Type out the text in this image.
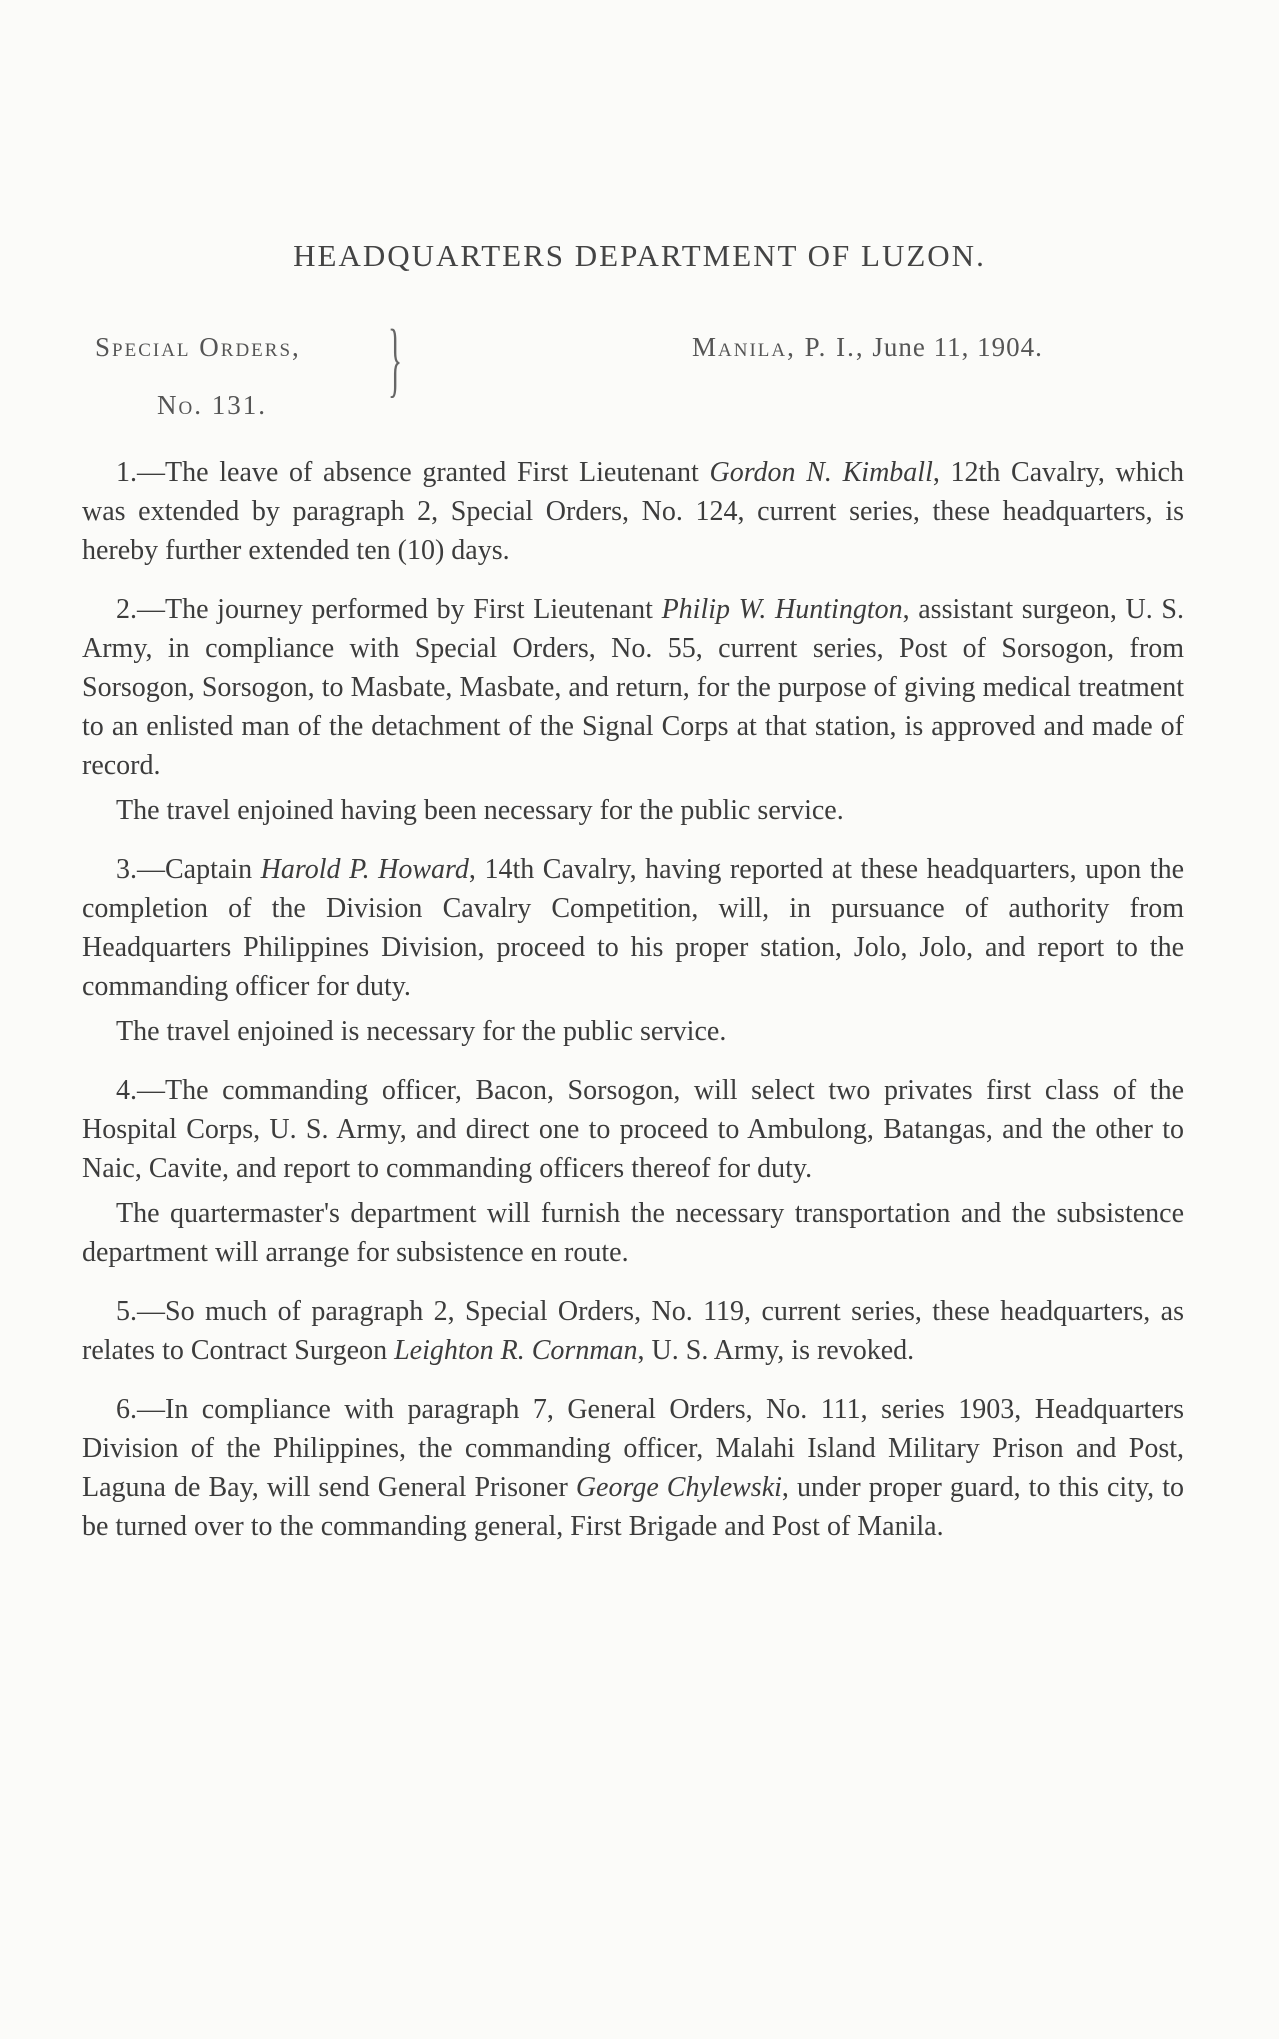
HEADQUARTERS DEPARTMENT OF LUZON.
Special Orders,
No. 131.	}	Manila, P. I., June 11, 1904.

1.—The leave of absence granted First Lieutenant Gordon N. Kimball, 12th Cavalry, which was extended by paragraph 2, Special Orders, No. 124, current series, these headquarters, is hereby further extended ten (10) days.

2.—The journey performed by First Lieutenant Philip W. Huntington, assistant surgeon, U. S. Army, in compliance with Special Orders, No. 55, current series, Post of Sorsogon, from Sorsogon, Sorsogon, to Masbate, Masbate, and return, for the purpose of giving medical treatment to an enlisted man of the detachment of the Signal Corps at that station, is approved and made of record.

The travel enjoined having been necessary for the public service.

3.—Captain Harold P. Howard, 14th Cavalry, having reported at these headquarters, upon the completion of the Division Cavalry Competition, will, in pursuance of authority from Headquarters Philippines Division, proceed to his proper station, Jolo, Jolo, and report to the commanding officer for duty.

The travel enjoined is necessary for the public service.

4.—The commanding officer, Bacon, Sorsogon, will select two privates first class of the Hospital Corps, U. S. Army, and direct one to proceed to Ambulong, Batangas, and the other to Naic, Cavite, and report to commanding officers thereof for duty.

The quartermaster's department will furnish the necessary transportation and the subsistence department will arrange for subsistence en route.

5.—So much of paragraph 2, Special Orders, No. 119, current series, these headquarters, as relates to Contract Surgeon Leighton R. Cornman, U. S. Army, is revoked.

6.—In compliance with paragraph 7, General Orders, No. 111, series 1903, Headquarters Division of the Philippines, the commanding officer, Malahi Island Military Prison and Post, Laguna de Bay, will send General Prisoner George Chylewski, under proper guard, to this city, to be turned over to the commanding general, First Brigade and Post of Manila.
